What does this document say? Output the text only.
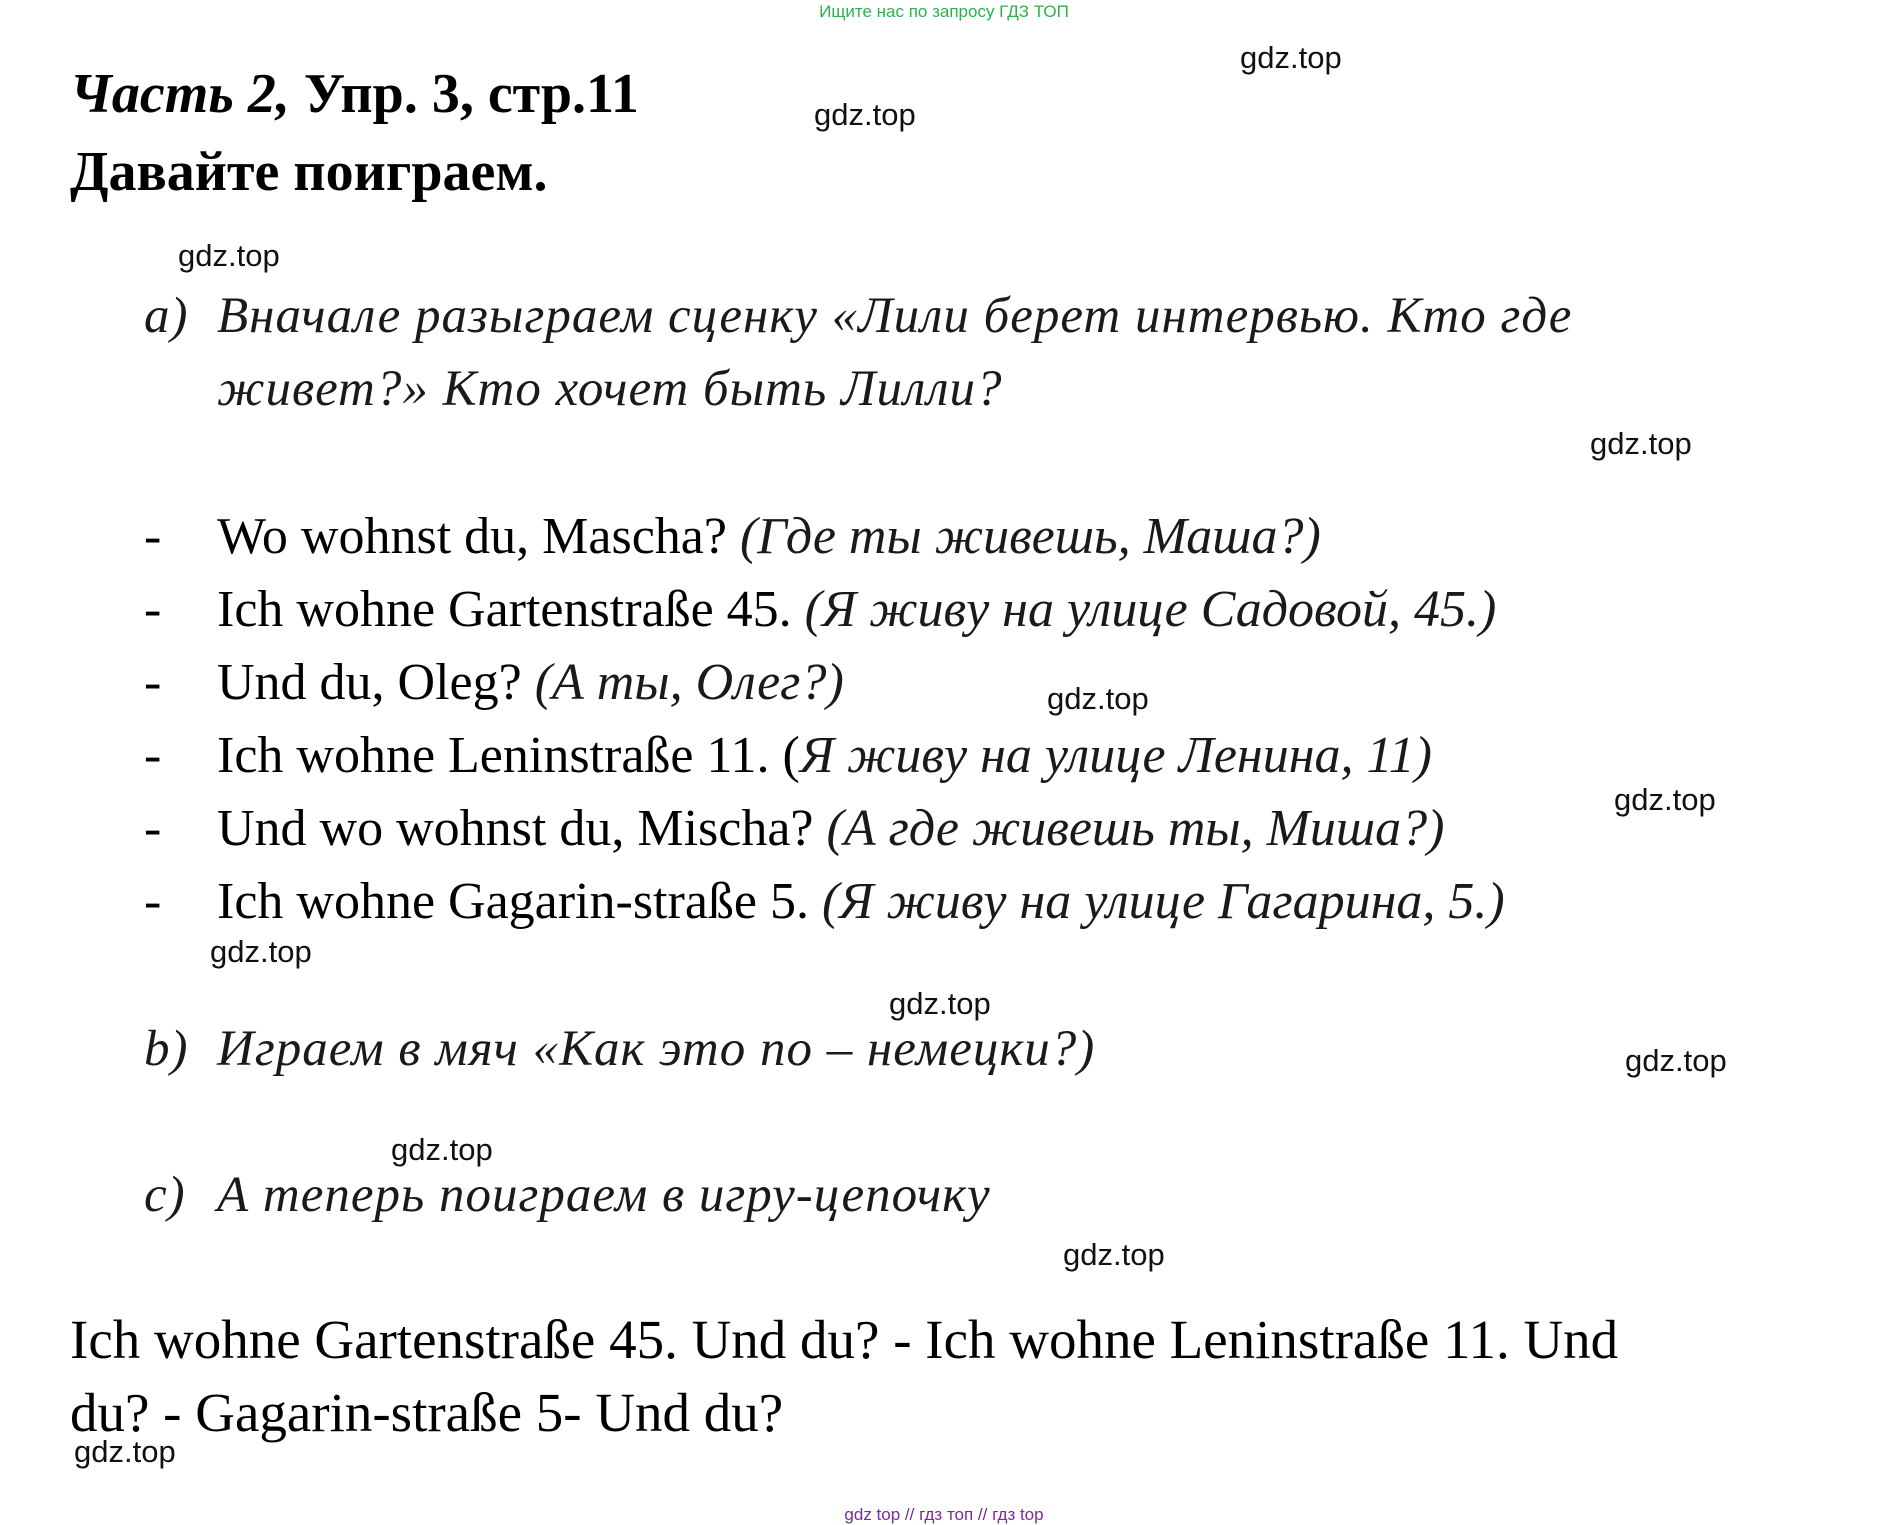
Ищите нас по запросу ГДЗ ТОП
Часть 2, Упр. 3, стр.11
Давайте поиграем.
a) Вначале разыграем сценку «Лили берет интервью. Кто где
живет?» Кто хочет быть Лилли?
- Wo wohnst du, Mascha? (Где ты живешь, Маша?)
- Ich wohne Gartenstraße 45. (Я живу на улице Садовой, 45.)
- Und du, Oleg? (А ты, Олег?)
- Ich wohne Leninstraße 11. (Я живу на улице Ленина, 11)
- Und wo wohnst du, Mischa? (А где живешь ты, Миша?)
- Ich wohne Gagarin-straße 5. (Я живу на улице Гагарина, 5.)
b) Играем в мяч «Как это по – немецки?)
c) А теперь поиграем в игру-цепочку
Ich wohne Gartenstraße 45. Und du? - Ich wohne Leninstraße 11. Und
du? - Gagarin-straße 5- Und du?
gdz.top
gdz.top
gdz.top
gdz.top
gdz.top
gdz.top
gdz.top
gdz.top
gdz.top
gdz.top
gdz.top
gdz.top
gdz top // гдз топ // гдз top
